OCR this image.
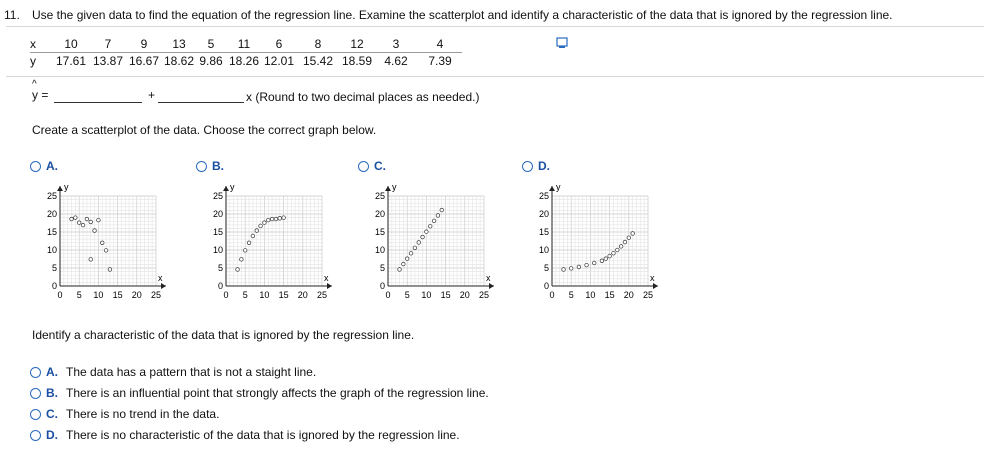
11. Use the given data to find the equation of the regression line. Examine the scatterplot and identify a characteristic of the data that is ignored by the regression line.
x	10	7	9	13	5	11	6	8	12	3	4
y	17.61	13.87	16.67	18.62	9.86	18.26	12.01	15.42	18.59	4.62	7.39
^
y =	+	x (Round to two decimal places as needed.)
Create a scatterplot of the data. Choose the correct graph below.
A.
y
x
25
20
15
10
5
0
0 5 10 15 20 25
B.
y
x
25
20
15
10
5
0
0 5 10 15 20 25
C.
y
x
25
20
15
10
5
0
0 5 10 15 20 25
D.
y
x
25
20
15
10
5
0
0 5 10 15 20 25
Identify a characteristic of the data that is ignored by the regression line.
A. The data has a pattern that is not a staight line.
B. There is an influential point that strongly affects the graph of the regression line.
C. There is no trend in the data.
D. There is no characteristic of the data that is ignored by the regression line.
